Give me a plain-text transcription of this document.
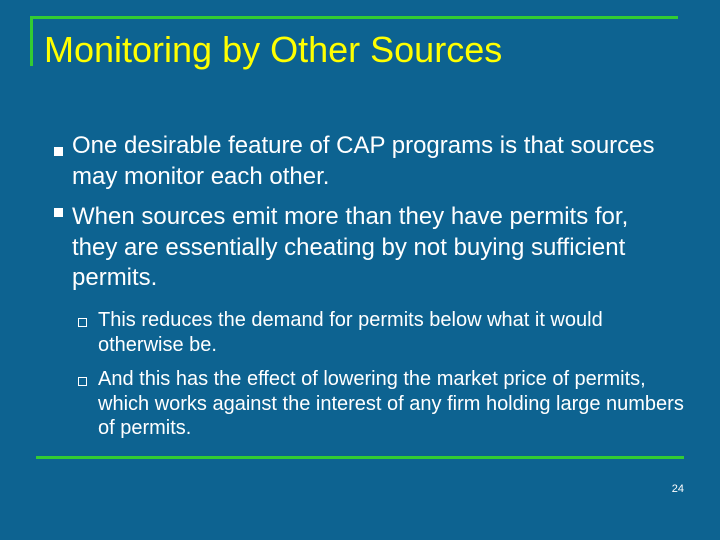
Monitoring by Other Sources
One desirable feature of CAP programs is that sources may monitor each other.
When sources emit more than they have permits for, they are essentially cheating by not buying sufficient permits.
This reduces the demand for permits below what it would otherwise be.
And this has the effect of lowering the market price of permits, which works against the interest of any firm holding large numbers of permits.
24
